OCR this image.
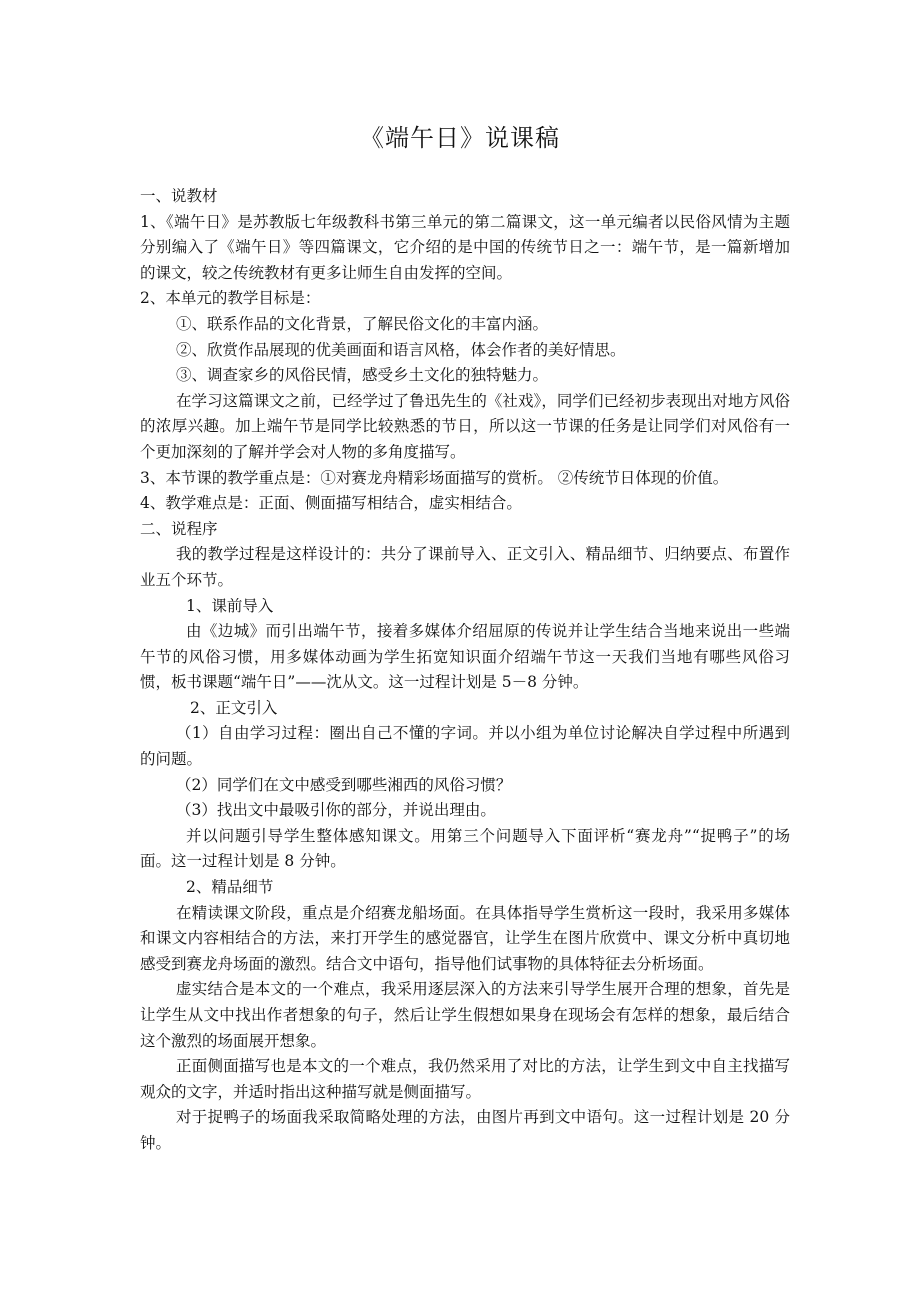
《端午日》说课稿

一、说教材

1、《端午日》是苏教版七年级教科书第三单元的第二篇课文，这一单元编者以民俗风情为主题分别编入了《端午日》等四篇课文，它介绍的是中国的传统节日之一：端午节，是一篇新增加的课文，较之传统教材有更多让师生自由发挥的空间。

2、本单元的教学目标是：

①、联系作品的文化背景，了解民俗文化的丰富内涵。

②、欣赏作品展现的优美画面和语言风格，体会作者的美好情思。

③、调查家乡的风俗民情，感受乡土文化的独特魅力。

在学习这篇课文之前，已经学过了鲁迅先生的《社戏》，同学们已经初步表现出对地方风俗的浓厚兴趣。加上端午节是同学比较熟悉的节日，所以这一节课的任务是让同学们对风俗有一个更加深刻的了解并学会对人物的多角度描写。

3、本节课的教学重点是：①对赛龙舟精彩场面描写的赏析。 ②传统节日体现的价值。

4、教学难点是：正面、侧面描写相结合，虚实相结合。

二、说程序

我的教学过程是这样设计的：共分了课前导入、正文引入、精品细节、归纳要点、布置作业五个环节。

1、课前导入

由《边城》而引出端午节，接着多媒体介绍屈原的传说并让学生结合当地来说出一些端午节的风俗习惯，用多媒体动画为学生拓宽知识面介绍端午节这一天我们当地有哪些风俗习惯，板书课题“端午日”——沈从文。这一过程计划是 5－8 分钟。

2、正文引入

（1）自由学习过程：圈出自己不懂的字词。并以小组为单位讨论解决自学过程中所遇到的问题。

（2）同学们在文中感受到哪些湘西的风俗习惯？

（3）找出文中最吸引你的部分，并说出理由。

并以问题引导学生整体感知课文。用第三个问题导入下面评析“赛龙舟”“捉鸭子”的场面。这一过程计划是 8 分钟。

2、精品细节

在精读课文阶段，重点是介绍赛龙船场面。在具体指导学生赏析这一段时，我采用多媒体和课文内容相结合的方法，来打开学生的感觉器官，让学生在图片欣赏中、课文分析中真切地感受到赛龙舟场面的激烈。结合文中语句，指导他们试事物的具体特征去分析场面。

虚实结合是本文的一个难点，我采用逐层深入的方法来引导学生展开合理的想象，首先是让学生从文中找出作者想象的句子，然后让学生假想如果身在现场会有怎样的想象，最后结合这个激烈的场面展开想象。

正面侧面描写也是本文的一个难点，我仍然采用了对比的方法，让学生到文中自主找描写观众的文字，并适时指出这种描写就是侧面描写。

对于捉鸭子的场面我采取简略处理的方法，由图片再到文中语句。这一过程计划是 20 分钟。
